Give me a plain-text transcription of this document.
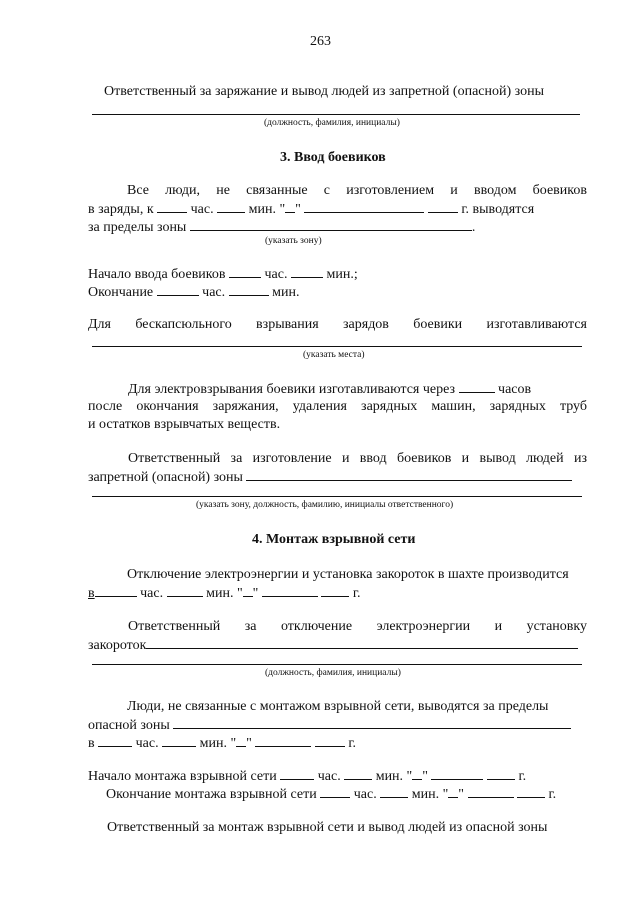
263
Ответственный за заряжание и вывод людей из запретной (опасной) зоны
(должность, фамилия, инициалы)
3. Ввод боевиков
Все люди, не связанные с изготовлением и вводом боевиков
в заряды, к	час.	мин. " "	г. выводятся
за пределы зоны	.
(указать зону)
Начало ввода боевиков	час.	мин.;
Окончание	час.	мин.
Для бескапсюльного взрывания зарядов боевики изготавливаются
(указать места)
Для электровзрывания боевики изготавливаются через	часов
после окончания заряжания, удаления зарядных машин, зарядных труб
и остатков взрывчатых веществ.
Ответственный за изготовление и ввод боевиков и вывод людей из
запретной (опасной) зоны
(указать зону, должность, фамилию, инициалы ответственного)
4. Монтаж взрывной сети
Отключение электроэнергии и установка закороток в шахте производится
в	час.	мин. " "	г.
Ответственный за отключение электроэнергии и установку
закороток
(должность, фамилия, инициалы)
Люди, не связанные с монтажом взрывной сети, выводятся за пределы
опасной зоны
в	час.	мин. " "	г.
Начало монтажа взрывной сети	час.	мин. " "	г.
Окончание монтажа взрывной сети	час.	мин. " "	г.
Ответственный за монтаж взрывной сети и вывод людей из опасной зоны
